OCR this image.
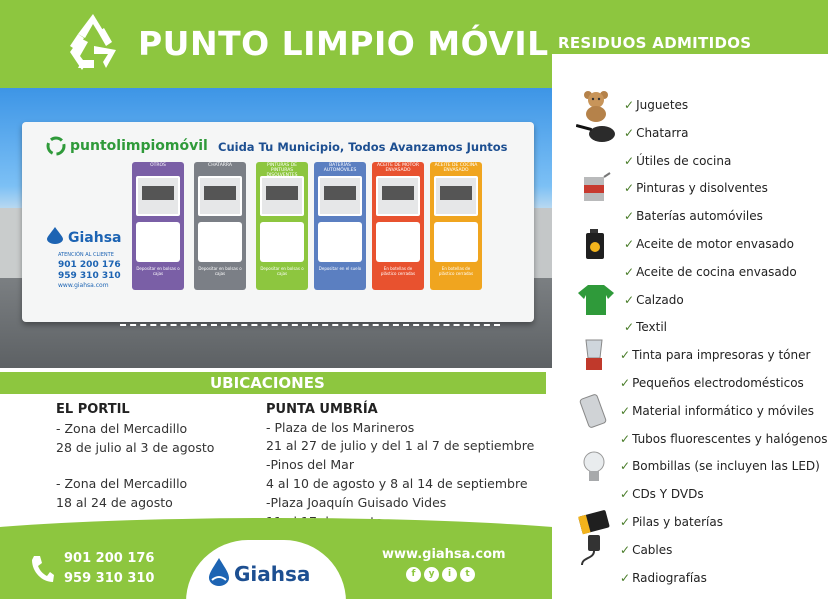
PUNTO LIMPIO MÓVIL
puntolimpiomóvil Cuida Tu Municipio, Todos Avanzamos Juntos
Giahsa
ATENCIÓN AL CLIENTE
901 200 176
959 310 310
www.giahsa.com
OTROS
Depositar en bolsas o cajas
CHATARRA
Depositar en bolsas o cajas
PINTURAS DE PINTURAS
Depositar en bolsas o cajas
BATERÍAS AUTOMÓVILES
Depositar en el suelo
ACEITE DE MOTOR ENVASADO
En botellas de plástico cerradas
ACEITE DE COCINA ENVASADO
En botellas de plástico cerradas
RESIDUOS ADMITIDOS
✓ Juguetes
✓ Chatarra
✓ Útiles de cocina
✓ Pinturas y disolventes
✓ Baterías automóviles
✓ Aceite de motor envasado
✓ Aceite de cocina envasado
✓ Calzado
✓ Textil
✓ Tinta para impresoras y tóner
✓ Pequeños electrodomésticos
✓ Material informático y móviles
✓ Tubos fluorescentes y halógenos
✓ Bombillas (se incluyen las LED)
✓ CDs Y DVDs
✓ Pilas y baterías
✓ Cables
✓ Radiografías
UBICACIONES
EL PORTIL
- Zona del Mercadillo
28 de julio al 3 de agosto
- Zona del Mercadillo
18 al 24 de agosto
PUNTA UMBRÍA
- Plaza de los Marineros
21 al 27 de julio y del 1 al 7 de septiembre
-Pinos del Mar
4 al 10 de agosto y 8 al 14 de septiembre
-Plaza Joaquín Guisado Vides
901 200 176
959 310 310	Giahsa
www.giahsa.com
f	y	i	t
